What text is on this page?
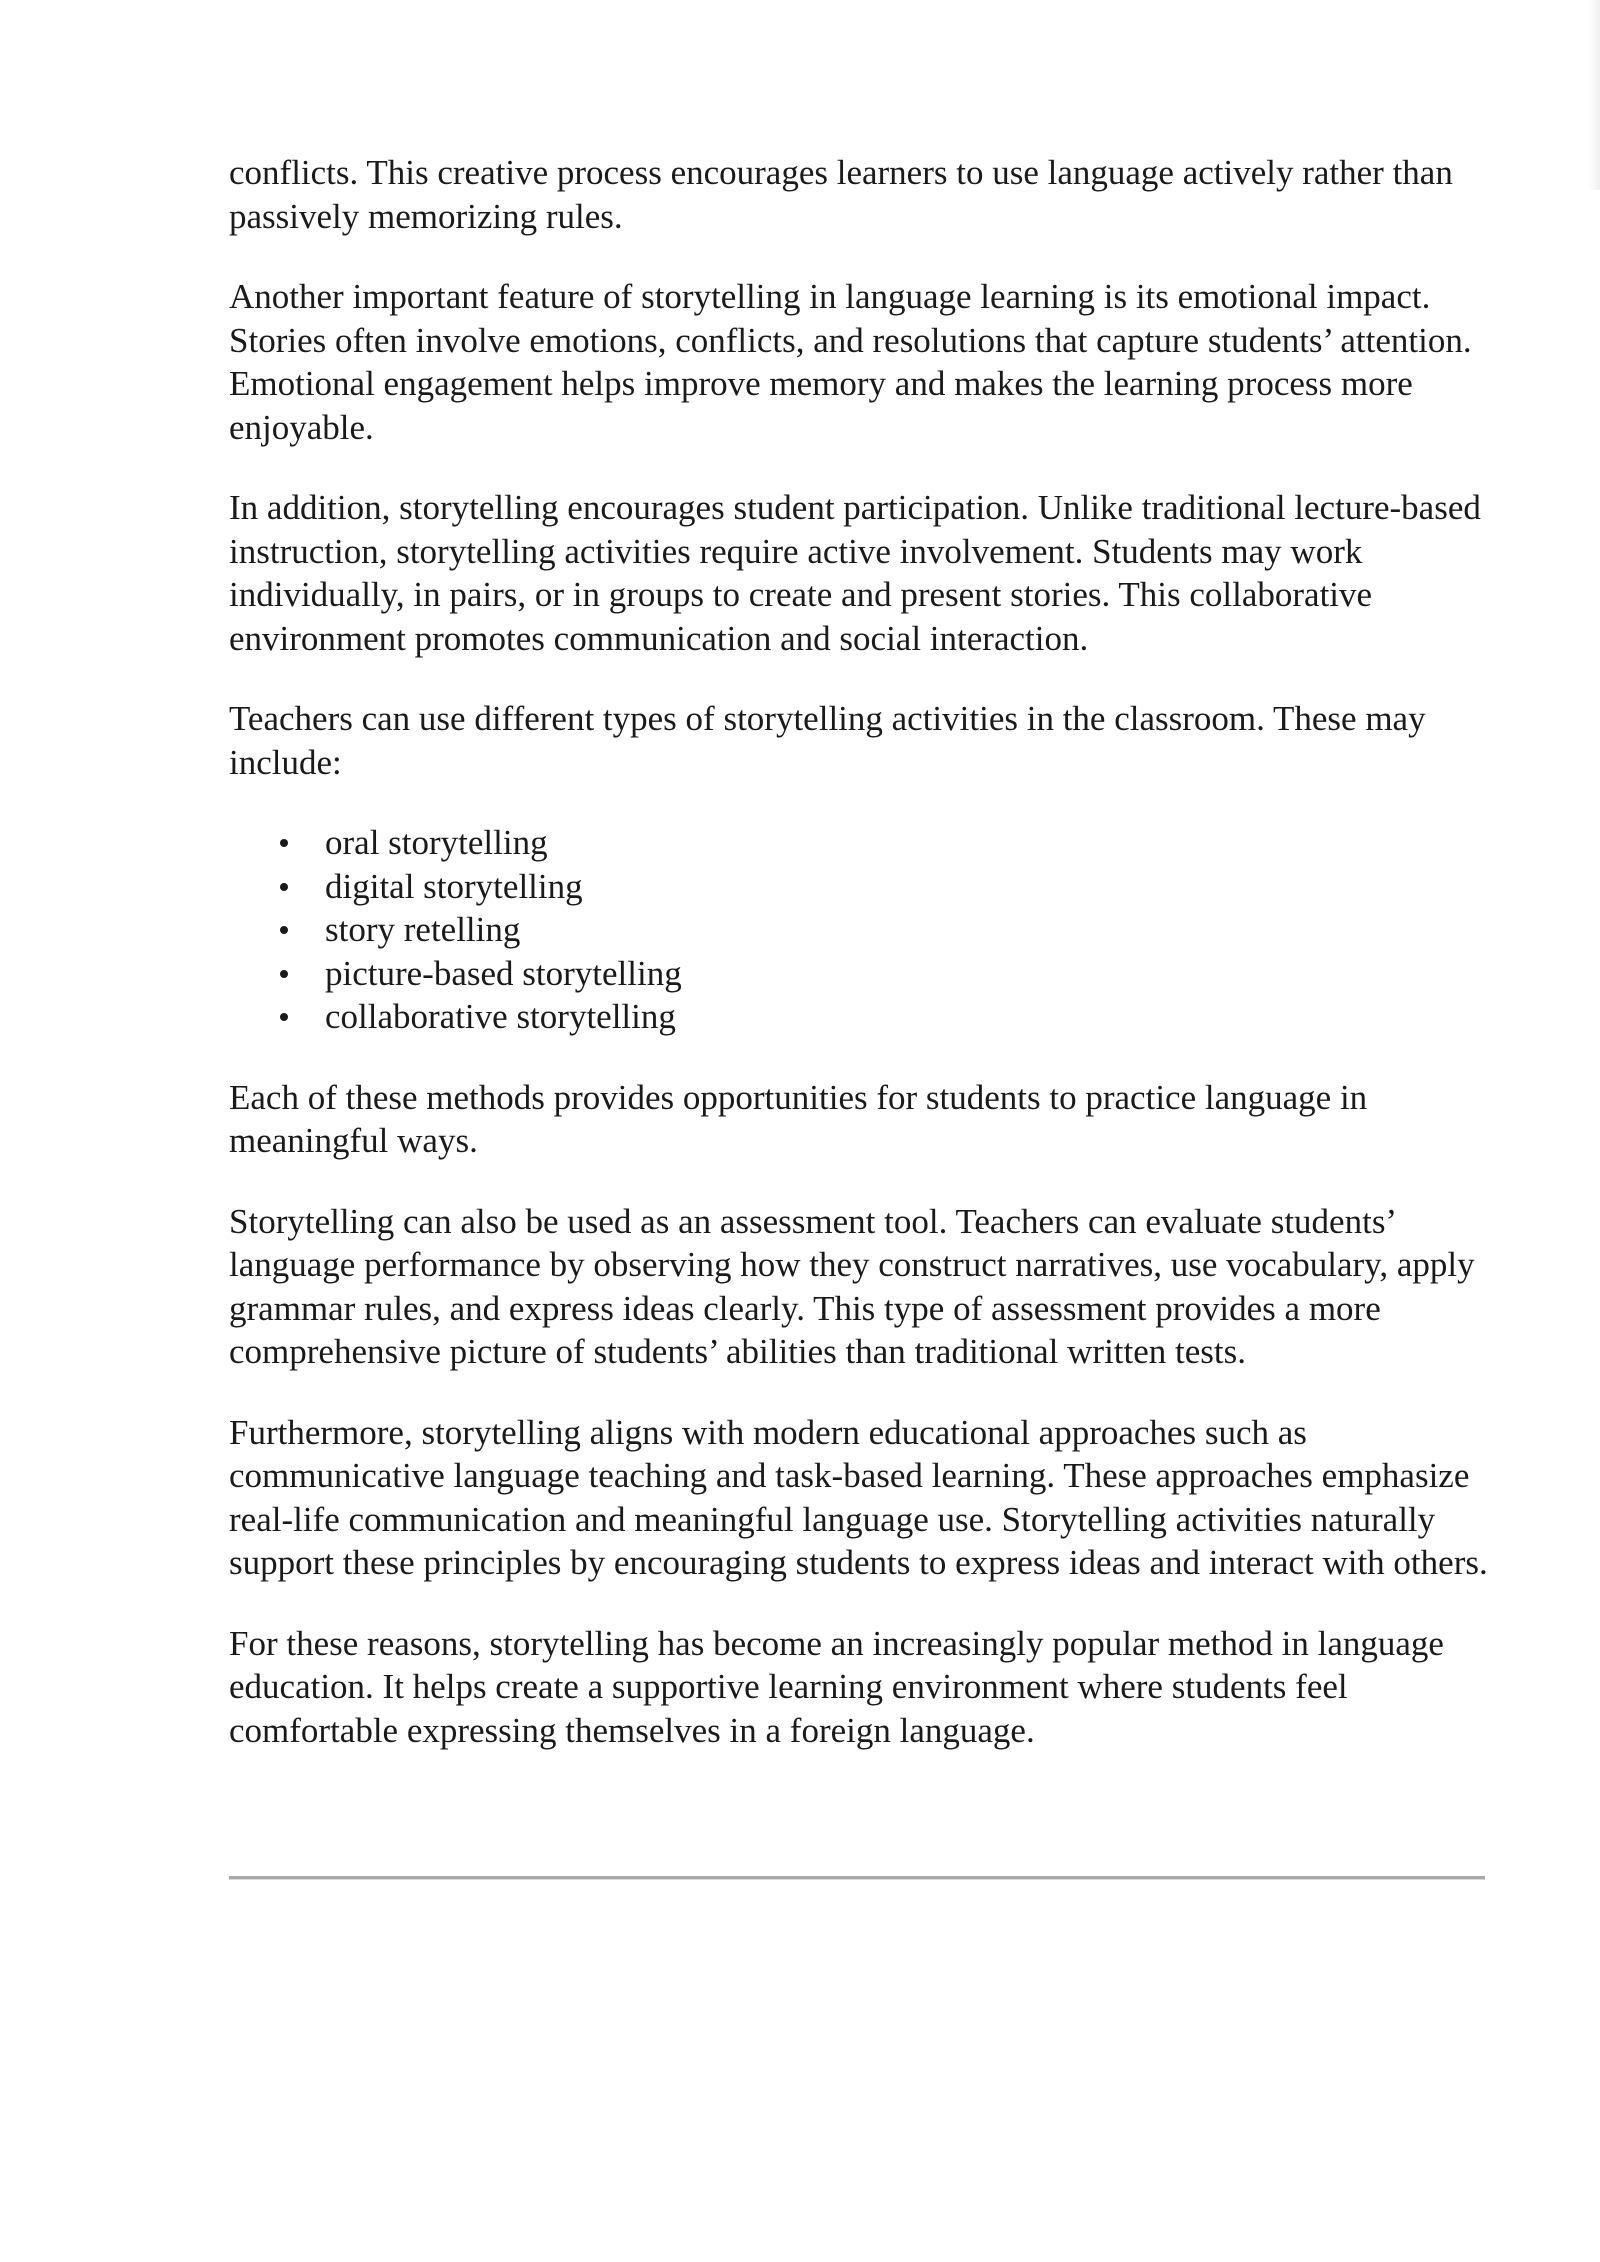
conflicts. This creative process encourages learners to use language actively rather than passively memorizing rules.

Another important feature of storytelling in language learning is its emotional impact. Stories often involve emotions, conflicts, and resolutions that capture students’ attention. Emotional engagement helps improve memory and makes the learning process more enjoyable.

In addition, storytelling encourages student participation. Unlike traditional lecture-based instruction, storytelling activities require active involvement. Students may work individually, in pairs, or in groups to create and present stories. This collaborative environment promotes communication and social interaction.

Teachers can use different types of storytelling activities in the classroom. These may include:

oral storytelling
digital storytelling
story retelling
picture-based storytelling
collaborative storytelling

Each of these methods provides opportunities for students to practice language in meaningful ways.

Storytelling can also be used as an assessment tool. Teachers can evaluate students’ language performance by observing how they construct narratives, use vocabulary, apply grammar rules, and express ideas clearly. This type of assessment provides a more comprehensive picture of students’ abilities than traditional written tests.

Furthermore, storytelling aligns with modern educational approaches such as communicative language teaching and task-based learning. These approaches emphasize real-life communication and meaningful language use. Storytelling activities naturally support these principles by encouraging students to express ideas and interact with others.

For these reasons, storytelling has become an increasingly popular method in language education. It helps create a supportive learning environment where students feel comfortable expressing themselves in a foreign language.
